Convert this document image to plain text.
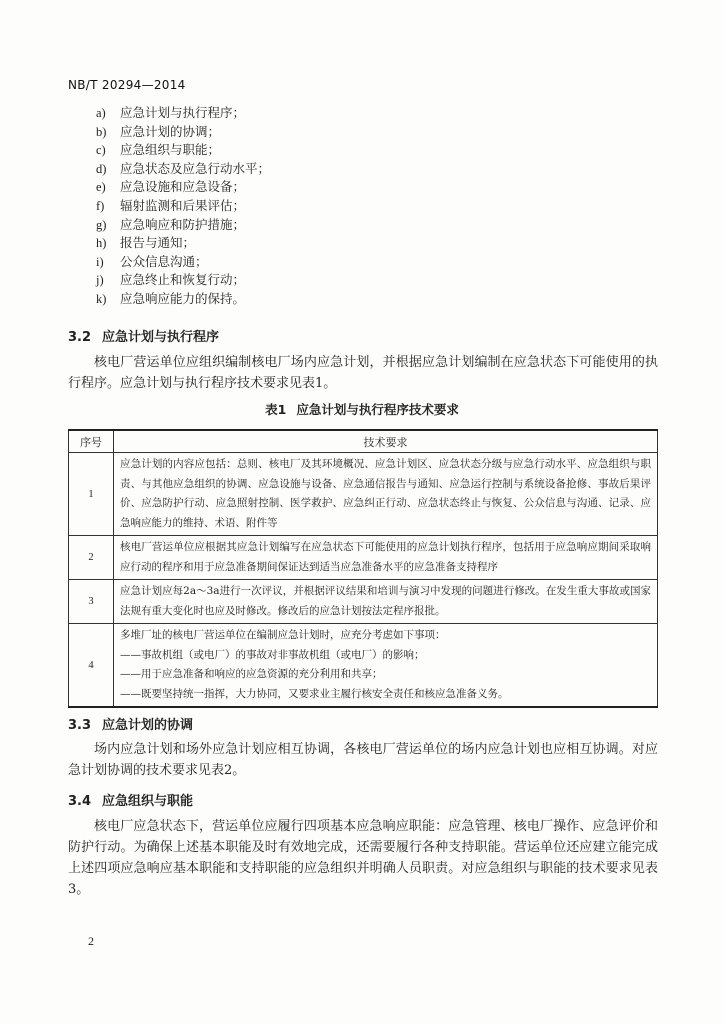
NB/T 20294—2014
a) 应急计划与执行程序；
b) 应急计划的协调；
c) 应急组织与职能；
d) 应急状态及应急行动水平；
e) 应急设施和应急设备；
f) 辐射监测和后果评估；
g) 应急响应和防护措施；
h) 报告与通知；
i) 公众信息沟通；
j) 应急终止和恢复行动；
k) 应急响应能力的保持。
3.2 应急计划与执行程序
核电厂营运单位应组织编制核电厂场内应急计划，并根据应急计划编制在应急状态下可能使用的执行程序。应急计划与执行程序技术要求见表1。
表1 应急计划与执行程序技术要求
序号	技术要求
1	应急计划的内容应包括：总则、核电厂及其环境概况、应急计划区、应急状态分级与应急行动水平、应急组织与职责、与其他应急组织的协调、应急设施与设备、应急通信报告与通知、应急运行控制与系统设备抢修、事故后果评价、应急防护行动、应急照射控制、医学救护、应急纠正行动、应急状态终止与恢复、公众信息与沟通、记录、应急响应能力的维持、术语、附件等

2	核电厂营运单位应根据其应急计划编写在应急状态下可能使用的应急计划执行程序，包括用于应急响应期间采取响应行动的程序和用于应急准备期间保证达到适当应急准备水平的应急准备支持程序

3	应急计划应每2a～3a进行一次评议，并根据评议结果和培训与演习中发现的问题进行修改。在发生重大事故或国家法规有重大变化时也应及时修改。修改后的应急计划按法定程序报批。

4	多堆厂址的核电厂营运单位在编制应急计划时，应充分考虑如下事项：
——事故机组（或电厂）的事故对非事故机组（或电厂）的影响；
——用于应急准备和响应的应急资源的充分利用和共享；
——既要坚持统一指挥，大力协同，又要求业主履行核安全责任和核应急准备义务。
3.3 应急计划的协调
场内应急计划和场外应急计划应相互协调，各核电厂营运单位的场内应急计划也应相互协调。对应急计划协调的技术要求见表2。
3.4 应急组织与职能
核电厂应急状态下，营运单位应履行四项基本应急响应职能：应急管理、核电厂操作、应急评价和防护行动。为确保上述基本职能及时有效地完成，还需要履行各种支持职能。营运单位还应建立能完成上述四项应急响应基本职能和支持职能的应急组织并明确人员职责。对应急组织与职能的技术要求见表3。
2
